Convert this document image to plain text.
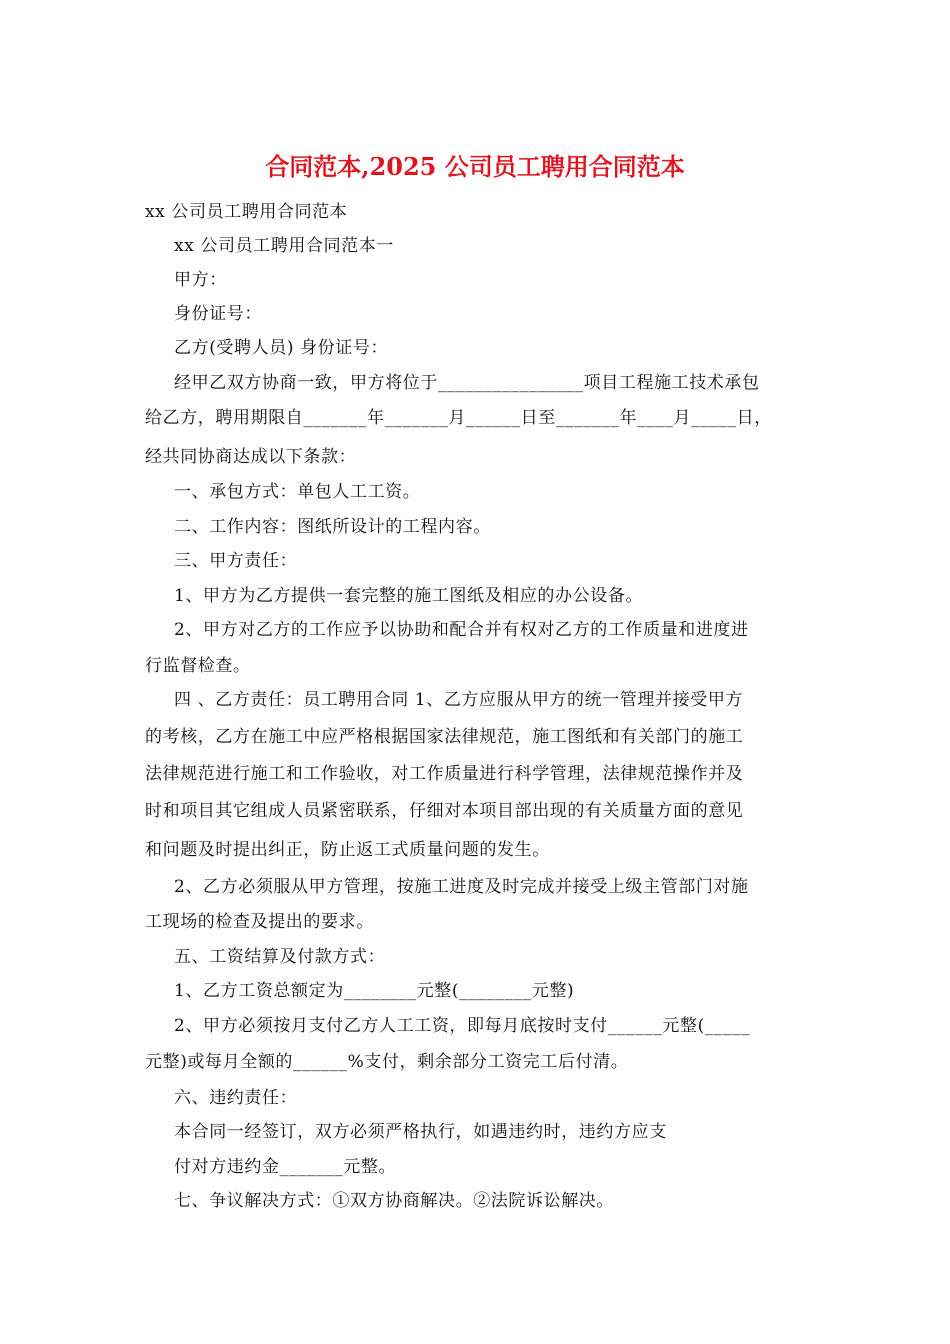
合同范本,2025 公司员工聘用合同范本
xx 公司员工聘用合同范本
xx 公司员工聘用合同范本一
甲方：
身份证号：
乙方(受聘人员) 身份证号：
经甲乙双方协商一致，甲方将位于________________项目工程施工技术承包
给乙方，聘用期限自_______年_______月______日至_______年____月_____日，
经共同协商达成以下条款：
一、承包方式：单包人工工资。
二、工作内容：图纸所设计的工程内容。
三、甲方责任：
1、甲方为乙方提供一套完整的施工图纸及相应的办公设备。
2、甲方对乙方的工作应予以协助和配合并有权对乙方的工作质量和进度进
行监督检查。
四 、乙方责任：员工聘用合同 1、乙方应服从甲方的统一管理并接受甲方
的考核，乙方在施工中应严格根据国家法律规范，施工图纸和有关部门的施工
法律规范进行施工和工作验收，对工作质量进行科学管理，法律规范操作并及
时和项目其它组成人员紧密联系，仔细对本项目部出现的有关质量方面的意见
和问题及时提出纠正，防止返工式质量问题的发生。
2、乙方必须服从甲方管理，按施工进度及时完成并接受上级主管部门对施
工现场的检查及提出的要求。
五、工资结算及付款方式：
1、乙方工资总额定为________元整(________元整)
2、甲方必须按月支付乙方人工工资，即每月底按时支付______元整(_____
元整)或每月全额的______%支付，剩余部分工资完工后付清。
六、违约责任：
本合同一经签订，双方必须严格执行，如遇违约时，违约方应支
付对方违约金_______元整。
七、争议解决方式：①双方协商解决。②法院诉讼解决。
